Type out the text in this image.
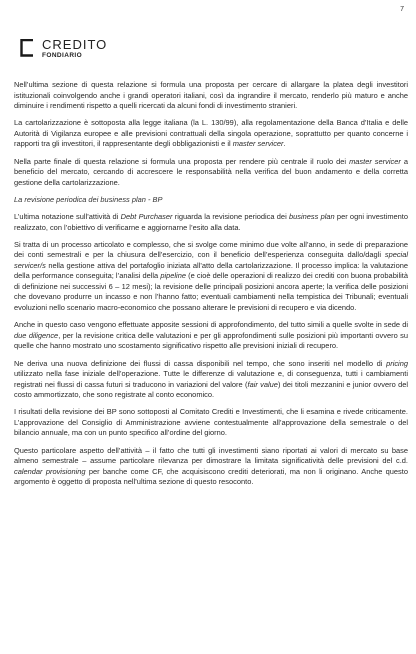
7
CREDITO
FONDIARIO

Nell’ultima sezione di questa relazione si formula una proposta per cercare di allargare la platea degli investitori istituzionali coinvolgendo anche i grandi operatori italiani, così da ingrandire il mercato, renderlo più maturo e anche diminuire i rendimenti rispetto a quelli ricercati da alcuni fondi di investimento stranieri.

La cartolarizzazione è sottoposta alla legge italiana (la L. 130/99), alla regolamentazione della Banca d’Italia e delle Autorità di Vigilanza europee e alle previsioni contrattuali della singola operazione, soprattutto per quanto concerne i rapporti tra gli investitori, il rappresentante degli obbligazionisti e il master servicer.

Nella parte finale di questa relazione si formula una proposta per rendere più centrale il ruolo dei master servicer a beneficio del mercato, cercando di accrescere le responsabilità nella verifica del buon andamento e della corretta gestione della cartolarizzazione.

La revisione periodica dei business plan - BP

L’ultima notazione sull’attività di Debt Purchaser riguarda la revisione periodica dei business plan per ogni investimento realizzato, con l’obiettivo di verificarne e aggiornarne l’esito alla data.

Si tratta di un processo articolato e complesso, che si svolge come minimo due volte all’anno, in sede di preparazione dei conti semestrali e per la chiusura dell’esercizio, con il beneficio dell’esperienza conseguita dallo/dagli special servicer/s nella gestione attiva del portafoglio iniziata all’atto della cartolarizzazione. Il processo implica: la valutazione della performance conseguita; l’analisi della pipeline (e cioè delle operazioni di realizzo dei crediti con buona probabilità di definizione nei successivi 6 – 12 mesi); la revisione delle principali posizioni ancora aperte; la verifica delle posizioni che dovevano produrre un incasso e non l’hanno fatto; eventuali cambiamenti nella tempistica dei Tribunali; eventuali evoluzioni nello scenario macro-economico che possano alterare le previsioni di recupero e via dicendo.

Anche in questo caso vengono effettuate apposite sessioni di approfondimento, del tutto simili a quelle svolte in sede di due diligence, per la revisione critica delle valutazioni e per gli approfondimenti sulle posizioni più importanti ovvero su quelle che hanno mostrato uno scostamento significativo rispetto alle previsioni iniziali di recupero.

Ne deriva una nuova definizione dei flussi di cassa disponibili nel tempo, che sono inseriti nel modello di pricing utilizzato nella fase iniziale dell’operazione. Tutte le differenze di valutazione e, di conseguenza, tutti i cambiamenti registrati nei flussi di cassa futuri si traducono in variazioni del valore (fair value) dei titoli mezzanini e junior ovvero del costo ammortizzato, che sono registrate al conto economico.

I risultati della revisione dei BP sono sottoposti al Comitato Crediti e Investimenti, che li esamina e rivede criticamente. L’approvazione del Consiglio di Amministrazione avviene contestualmente all’approvazione della semestrale o del bilancio annuale, ma con un punto specifico all’ordine del giorno.

Questo particolare aspetto dell’attività – il fatto che tutti gli investimenti siano riportati ai valori di mercato su base almeno semestrale – assume particolare rilevanza per dimostrare la limitata significatività delle previsioni del c.d. calendar provisioning per banche come CF, che acquisiscono crediti deteriorati, ma non li originano. Anche questo argomento è oggetto di proposta nell’ultima sezione di questo resoconto.
